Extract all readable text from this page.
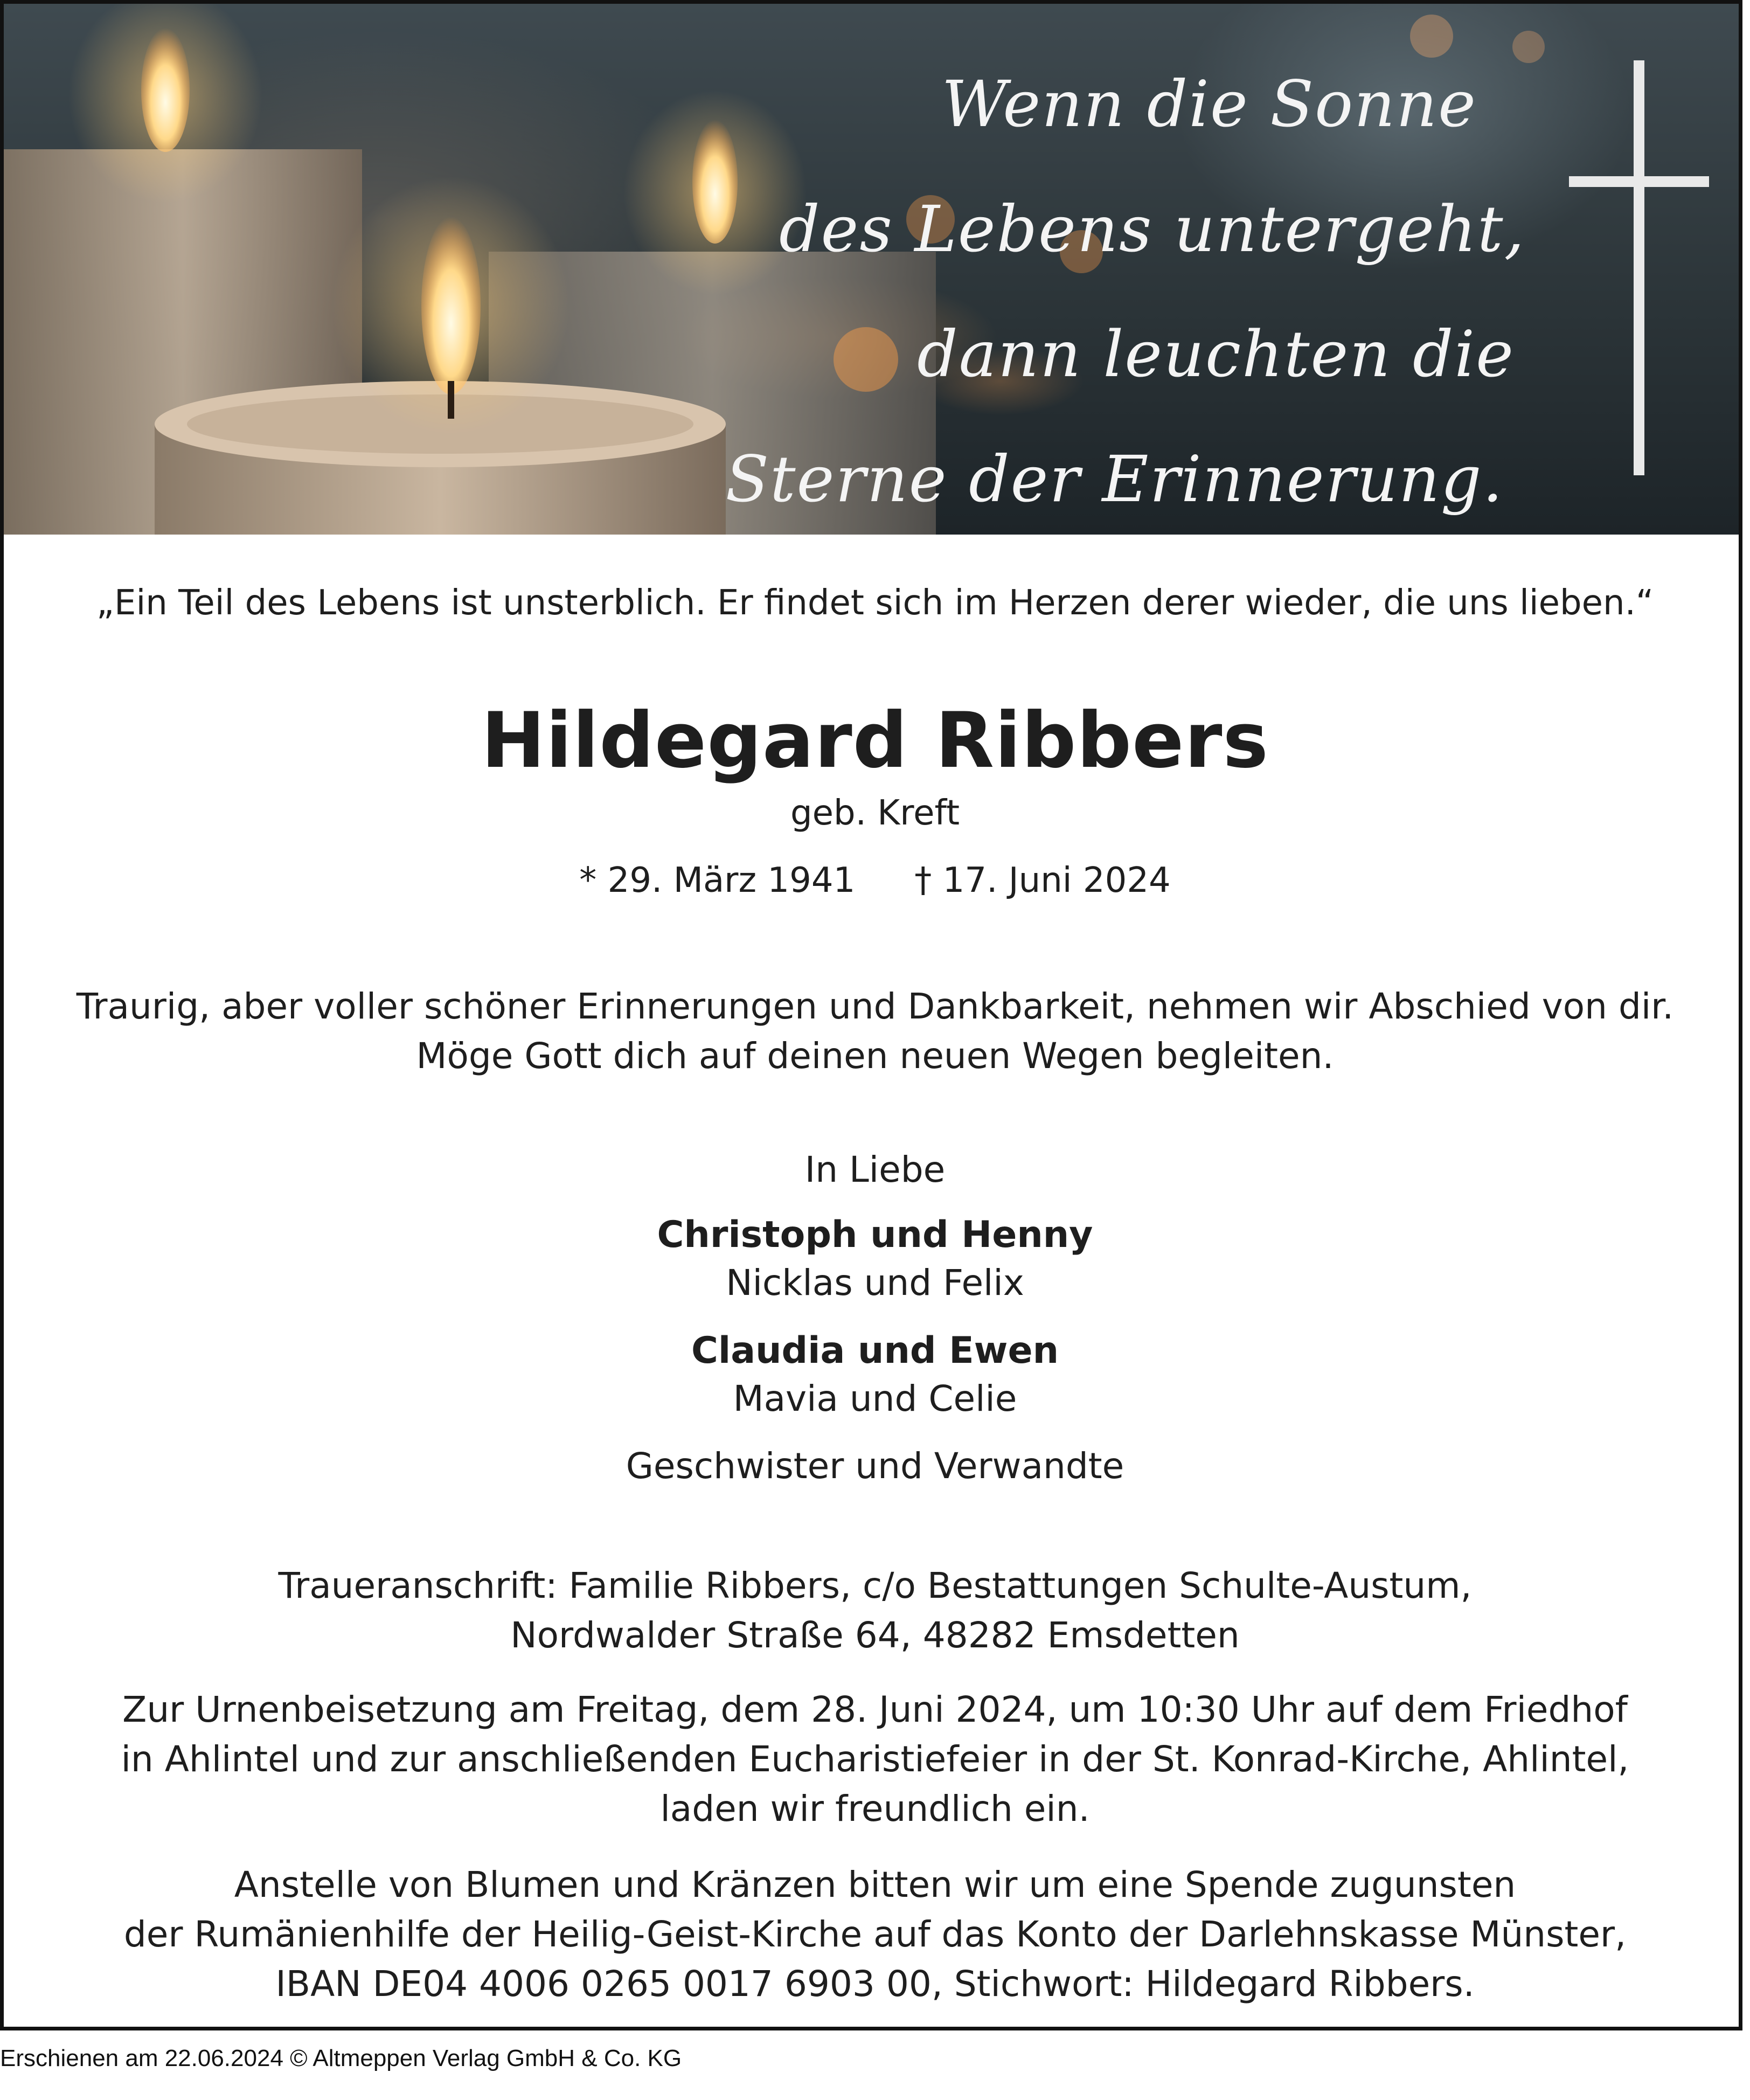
Wenn die Sonne
des Lebens untergeht,
dann leuchten die
Sterne der Erinnerung.
„Ein Teil des Lebens ist unsterblich. Er findet sich im Herzen derer wieder, die uns lieben.“
Hildegard Ribbers
geb. Kreft
* 29. März 1941 † 17. Juni 2024
Traurig, aber voller schöner Erinnerungen und Dankbarkeit, nehmen wir Abschied von dir.
Möge Gott dich auf deinen neuen Wegen begleiten.
In Liebe
Christoph und Henny
Nicklas und Felix
Claudia und Ewen
Mavia und Celie
Geschwister und Verwandte
Traueranschrift: Familie Ribbers, c/o Bestattungen Schulte-Austum,
Nordwalder Straße 64, 48282 Emsdetten
Zur Urnenbeisetzung am Freitag, dem 28. Juni 2024, um 10:30 Uhr auf dem Friedhof
in Ahlintel und zur anschließenden Eucharistiefeier in der St. Konrad-Kirche, Ahlintel,
laden wir freundlich ein.
Anstelle von Blumen und Kränzen bitten wir um eine Spende zugunsten
der Rumänienhilfe der Heilig-Geist-Kirche auf das Konto der Darlehnskasse Münster,
IBAN DE04 4006 0265 0017 6903 00, Stichwort: Hildegard Ribbers.
Erschienen am 22.06.2024 © Altmeppen Verlag GmbH & Co. KG
